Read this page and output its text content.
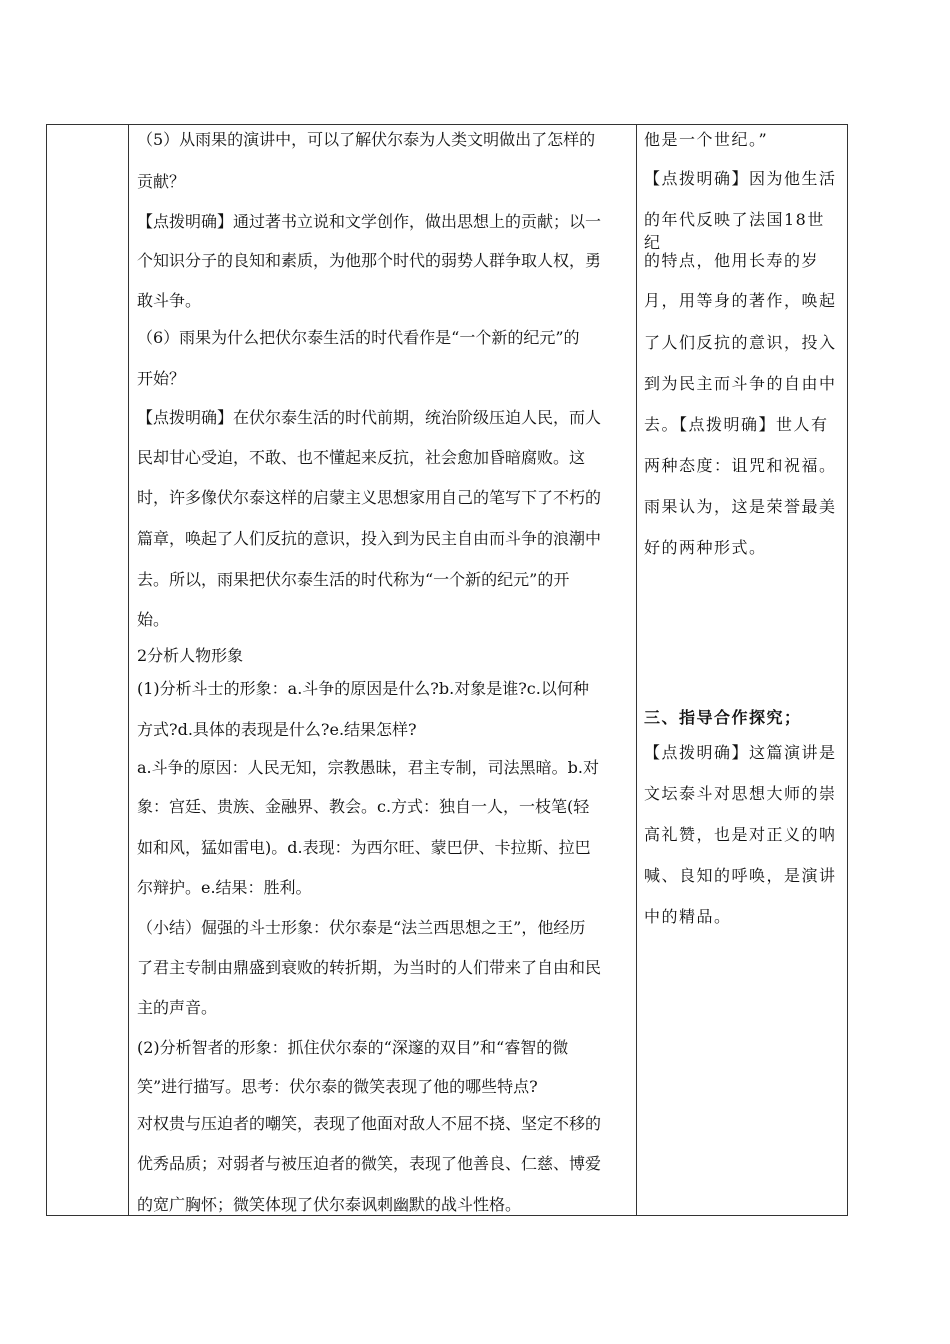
（5）从雨果的演讲中，可以了解伏尔泰为人类文明做出了怎样的

贡献？

【点拨明确】通过著书立说和文学创作，做出思想上的贡献；以一

个知识分子的良知和素质，为他那个时代的弱势人群争取人权，勇

敢斗争。

（6）雨果为什么把伏尔泰生活的时代看作是“一个新的纪元”的

开始？

【点拨明确】在伏尔泰生活的时代前期，统治阶级压迫人民，而人

民却甘心受迫，不敢、也不懂起来反抗，社会愈加昏暗腐败。这

时，许多像伏尔泰这样的启蒙主义思想家用自己的笔写下了不朽的

篇章，唤起了人们反抗的意识，投入到为民主自由而斗争的浪潮中

去。所以，雨果把伏尔泰生活的时代称为“一个新的纪元”的开

始。

2分析人物形象

(1)分析斗士的形象：a.斗争的原因是什么?b.对象是谁?c.以何种

方式?d.具体的表现是什么?e.结果怎样?

a.斗争的原因：人民无知，宗教愚昧，君主专制，司法黑暗。b.对

象：宫廷、贵族、金融界、教会。c.方式：独自一人，一枝笔(轻

如和风，猛如雷电)。d.表现：为西尔旺、蒙巴伊、卡拉斯、拉巴

尔辩护。e.结果：胜利。

（小结）倔强的斗士形象：伏尔泰是“法兰西思想之王”，他经历

了君主专制由鼎盛到衰败的转折期，为当时的人们带来了自由和民

主的声音。

(2)分析智者的形象：抓住伏尔泰的“深邃的双目”和“睿智的微

笑”进行描写。思考：伏尔泰的微笑表现了他的哪些特点?

对权贵与压迫者的嘲笑，表现了他面对敌人不屈不挠、坚定不移的

优秀品质；对弱者与被压迫者的微笑，表现了他善良、仁慈、博爱

的宽广胸怀；微笑体现了伏尔泰讽刺幽默的战斗性格。

他是一个世纪。”

【点拨明确】因为他生活

的年代反映了法国18世纪

的特点，他用长寿的岁

月，用等身的著作，唤起

了人们反抗的意识，投入

到为民主而斗争的自由中

去。【点拨明确】世人有

两种态度：诅咒和祝福。

雨果认为，这是荣誉最美

好的两种形式。

三、指导合作探究；

【点拨明确】这篇演讲是

文坛泰斗对思想大师的崇

高礼赞，也是对正义的呐

喊、良知的呼唤，是演讲

中的精品。
